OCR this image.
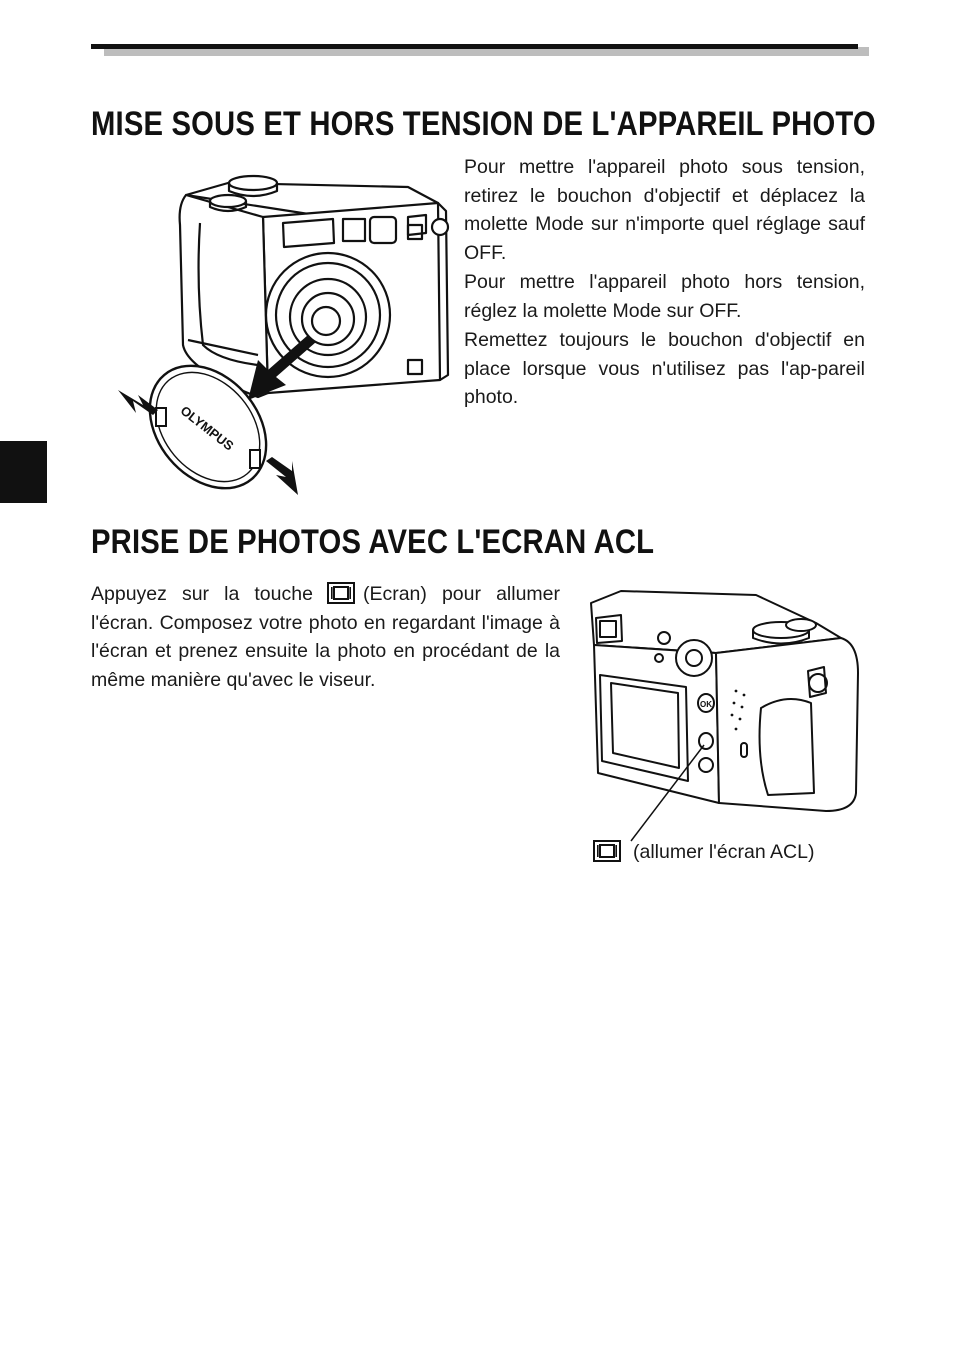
MISE SOUS ET HORS TENSION DE L'APPAREIL PHOTO
OLYMPUS

Pour mettre l'appareil photo sous tension, retirez le bouchon d'objectif et déplacez la molette Mode sur n'importe quel réglage sauf OFF.

Pour mettre l'appareil photo hors tension, réglez la molette Mode sur OFF.

Remettez toujours le bouchon d'objectif en place lorsque vous n'utilisez pas l'ap-pareil photo.

PRISE DE PHOTOS AVEC L'ECRAN ACL

Appuyez sur la touche	(Ecran) pour allumer l'écran. Composez votre photo en regardant l'image à l'écran et prenez ensuite la photo en procédant de la même manière qu'avec le viseur.

OK
(allumer l'écran ACL)
